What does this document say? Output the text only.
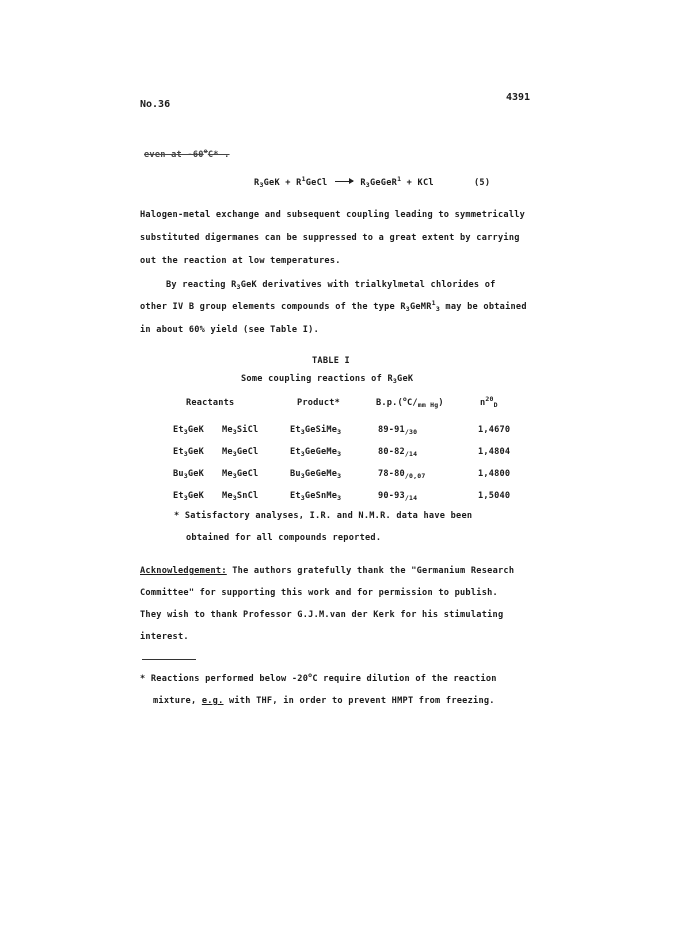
No.36
4391
even at -60$^o$C* .
$R_3GeK$ + $R^1GeCl$	$R_3GeGeR^1$ + KCl	(5)
Halogen-metal exchange and subsequent coupling leading to symmetrically
substituted digermanes can be suppressed to a great extent by carrying
out the reaction at low temperatures.
By reacting $R_3GeK$ derivatives with trialkylmetal chlorides of
other IV B group elements compounds of the type $R_3GeMR^1_3$ may be obtained
in about 60% yield (see Table I).
TABLE I
Some coupling reactions of $R_3GeK$
Reactants	Product*	$B.p.(^oC/_{mm Hg})$	$n^{20}_D$
$Et_3GeK$ $Me_3SiCl$	$Et_3GeSiMe_3$	$89-91_{/30}$	1,4670
$Et_3GeK$ $Me_3GeCl$	$Et_3GeGeMe_3$	$80-82_{/14}$	1,4804
$Bu_3GeK$ $Me_3GeCl$	$Bu_3GeGeMe_3$	$78-80_{/0,07}$	1,4800
$Et_3GeK$ $Me_3SnCl$	$Et_3GeSnMe_3$	$90-93_{/14}$	1,5040
* Satisfactory analyses, I.R. and N.M.R. data have been
obtained for all compounds reported.
Acknowledgement: The authors gratefully thank the "Germanium Research
Committee" for supporting this work and for permission to publish.
They wish to thank Professor G.J.M.van der Kerk for his stimulating
interest.
* Reactions performed below -20$^o$C require dilution of the reaction
mixture, e.g. with THF, in order to prevent HMPT from freezing.
